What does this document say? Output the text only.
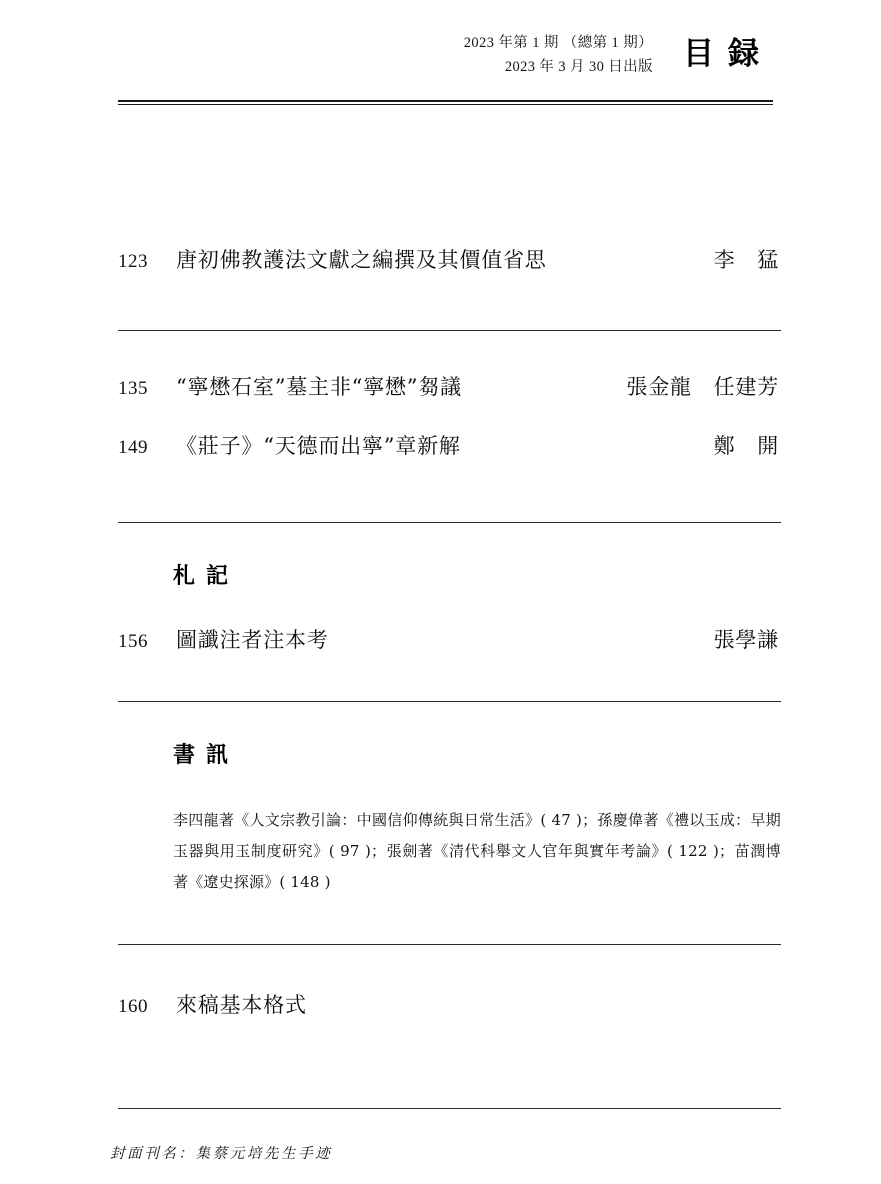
2023 年第 1 期 （總第 1 期）
2023 年 3 月 30 日出版 目録
123	唐初佛教護法文獻之編撰及其價值省思	李　猛
135	“寧懋石室”墓主非“寧懋”芻議	張金龍　任建芳
149	《莊子》“天德而出寧”章新解	鄭　開
札記
156	圖讖注者注本考	張學謙
書訊
李四龍著《人文宗教引論：中國信仰傳統與日常生活》( 47 )；孫慶偉著《禮以玉成：早期玉器與用玉制度研究》( 97 )；張劍著《清代科舉文人官年與實年考論》( 122 )；苗潤博著《遼史探源》( 148 )
160	來稿基本格式
封面刊名：集蔡元培先生手迹
